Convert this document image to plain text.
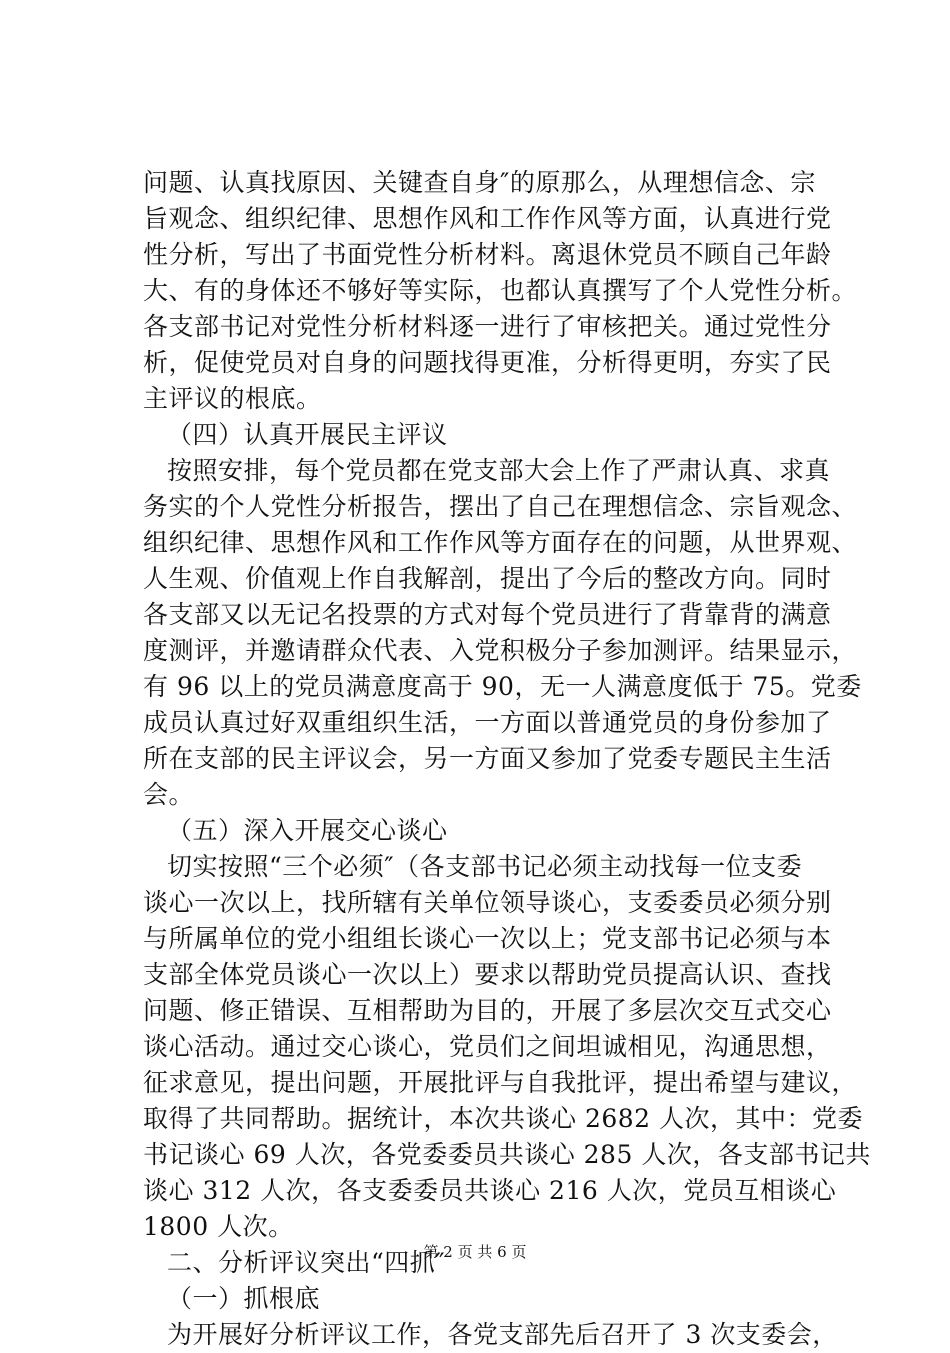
问题、认真找原因、关键查自身″的原那么，从理想信念、宗
旨观念、组织纪律、思想作风和工作作风等方面，认真进行党
性分析，写出了书面党性分析材料。离退休党员不顾自己年龄
大、有的身体还不够好等实际，也都认真撰写了个人党性分析。
各支部书记对党性分析材料逐一进行了审核把关。通过党性分
析，促使党员对自身的问题找得更准，分析得更明，夯实了民
主评议的根底。
（四）认真开展民主评议
按照安排，每个党员都在党支部大会上作了严肃认真、求真
务实的个人党性分析报告，摆出了自己在理想信念、宗旨观念、
组织纪律、思想作风和工作作风等方面存在的问题，从世界观、
人生观、价值观上作自我解剖，提出了今后的整改方向。同时
各支部又以无记名投票的方式对每个党员进行了背靠背的满意
度测评，并邀请群众代表、入党积极分子参加测评。结果显示，
有 96 以上的党员满意度高于 90，无一人满意度低于 75。党委
成员认真过好双重组织生活，一方面以普通党员的身份参加了
所在支部的民主评议会，另一方面又参加了党委专题民主生活
会。
（五）深入开展交心谈心
切实按照“三个必须″（各支部书记必须主动找每一位支委
谈心一次以上，找所辖有关单位领导谈心，支委委员必须分别
与所属单位的党小组组长谈心一次以上；党支部书记必须与本
支部全体党员谈心一次以上）要求以帮助党员提高认识、查找
问题、修正错误、互相帮助为目的，开展了多层次交互式交心
谈心活动。通过交心谈心，党员们之间坦诚相见，沟通思想，
征求意见，提出问题，开展批评与自我批评，提出希望与建议，
取得了共同帮助。据统计，本次共谈心 2682 人次，其中：党委
书记谈心 69 人次，各党委委员共谈心 285 人次，各支部书记共
谈心 312 人次，各支委委员共谈心 216 人次，党员互相谈心
1800 人次。
二、分析评议突出“四抓″
（一）抓根底
为开展好分析评议工作，各党支部先后召开了 3 次支委会，
第 2 页 共 6 页
